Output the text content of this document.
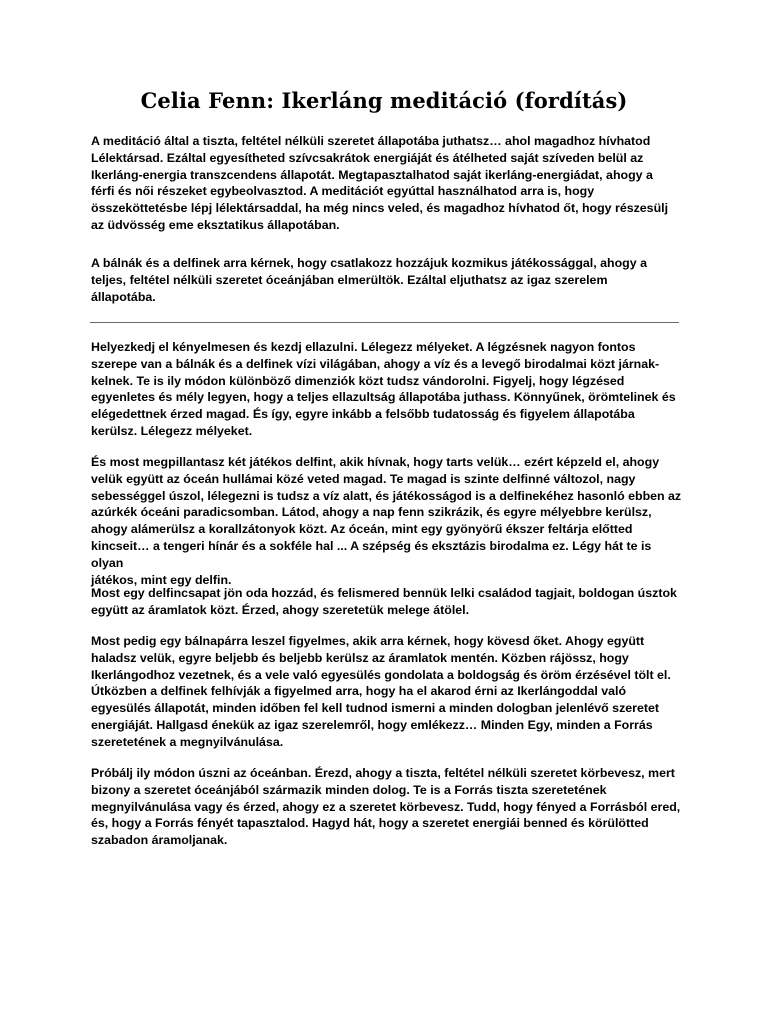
Celia Fenn: Ikerláng meditáció (fordítás)

A meditáció által a tiszta, feltétel nélküli szeretet állapotába juthatsz… ahol magadhoz hívhatod
Lélektársad. Ezáltal egyesítheted szívcsakrátok energiáját és átélheted saját szíveden belül az
Ikerláng-energia transzcendens állapotát. Megtapasztalhatod saját ikerláng-energiádat, ahogy a
férfi és női részeket egybeolvasztod. A meditációt egyúttal használhatod arra is, hogy
összeköttetésbe lépj lélektársaddal, ha még nincs veled, és magadhoz hívhatod őt, hogy részesülj
az üdvösség eme eksztatikus állapotában.

A bálnák és a delfinek arra kérnek, hogy csatlakozz hozzájuk kozmikus játékossággal, ahogy a
teljes, feltétel nélküli szeretet óceánjában elmerültök. Ezáltal eljuthatsz az igaz szerelem
állapotába.

Helyezkedj el kényelmesen és kezdj ellazulni. Lélegezz mélyeket. A légzésnek nagyon fontos
szerepe van a bálnák és a delfinek vízi világában, ahogy a víz és a levegő birodalmai közt járnak-
kelnek. Te is ily módon különböző dimenziók közt tudsz vándorolni. Figyelj, hogy légzésed
egyenletes és mély legyen, hogy a teljes ellazultság állapotába juthass. Könnyűnek, örömtelinek és
elégedettnek érzed magad. És így, egyre inkább a felsőbb tudatosság és figyelem állapotába
kerülsz. Lélegezz mélyeket.

És most megpillantasz két játékos delfint, akik hívnak, hogy tarts velük… ezért képzeld el, ahogy
velük együtt az óceán hullámai közé veted magad. Te magad is szinte delfinné változol, nagy
sebességgel úszol, lélegezni is tudsz a víz alatt, és játékosságod is a delfinekéhez hasonló ebben az
azúrkék óceáni paradicsomban. Látod, ahogy a nap fenn szikrázik, és egyre mélyebbre kerülsz,
ahogy alámerülsz a korallzátonyok közt. Az óceán, mint egy gyönyörű ékszer feltárja előtted
kincseit… a tengeri hínár és a sokféle hal ... A szépség és eksztázis birodalma ez. Légy hát te is olyan
játékos, mint egy delfin.

Most egy delfincsapat jön oda hozzád, és felismered bennük lelki családod tagjait, boldogan úsztok
együtt az áramlatok közt. Érzed, ahogy szeretetük melege átölel.

Most pedig egy bálnapárra leszel figyelmes, akik arra kérnek, hogy kövesd őket. Ahogy együtt
haladsz velük, egyre beljebb és beljebb kerülsz az áramlatok mentén. Közben rájössz, hogy
Ikerlángodhoz vezetnek, és a vele való egyesülés gondolata a boldogság és öröm érzésével tölt el.
Útközben a delfinek felhívják a figyelmed arra, hogy ha el akarod érni az Ikerlángoddal való
egyesülés állapotát, minden időben fel kell tudnod ismerni a minden dologban jelenlévő szeretet
energiáját. Hallgasd énekük az igaz szerelemről, hogy emlékezz… Minden Egy, minden a Forrás
szeretetének a megnyilvánulása.

Próbálj ily módon úszni az óceánban. Érezd, ahogy a tiszta, feltétel nélküli szeretet körbevesz, mert
bizony a szeretet óceánjából származik minden dolog. Te is a Forrás tiszta szeretetének
megnyilvánulása vagy és érzed, ahogy ez a szeretet körbevesz. Tudd, hogy fényed a Forrásból ered,
és, hogy a Forrás fényét tapasztalod. Hagyd hát, hogy a szeretet energiái benned és körülötted
szabadon áramoljanak.
